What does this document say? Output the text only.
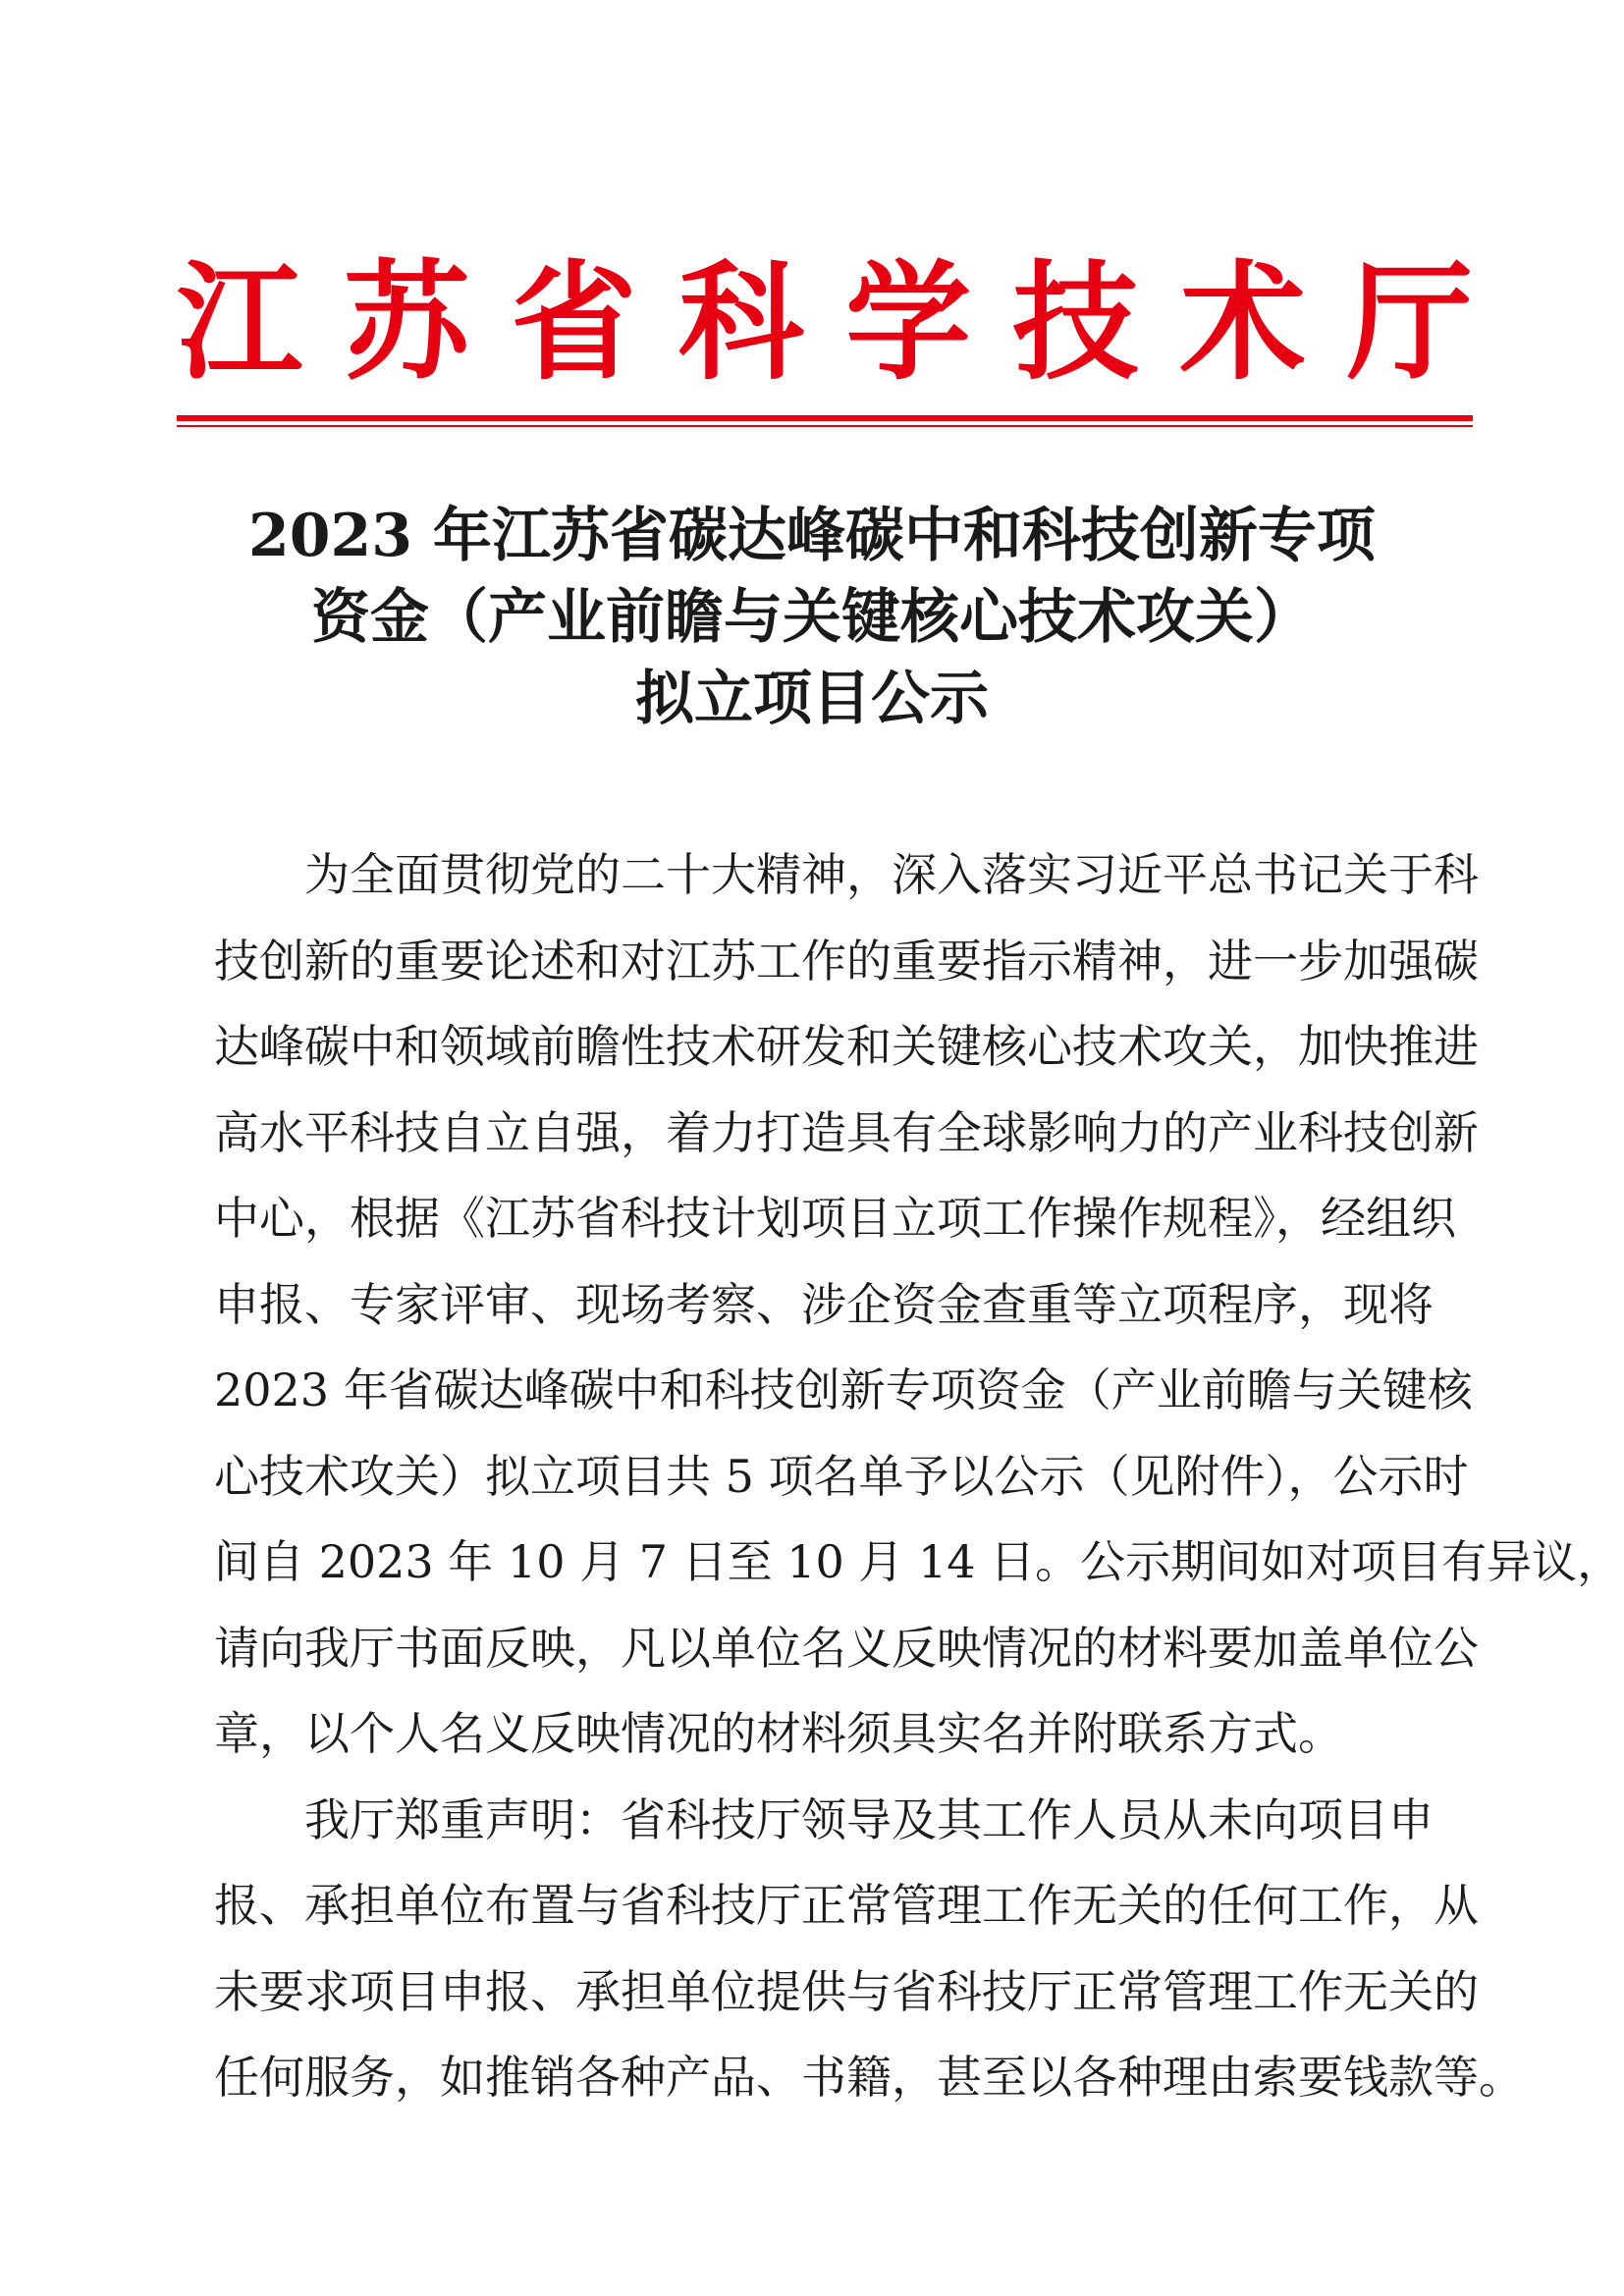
江 苏 省 科 学 技 术 厅
2023 年江苏省碳达峰碳中和科技创新专项
资金（产业前瞻与关键核心技术攻关）
拟立项目公示
为全面贯彻党的二十大精神，深入落实习近平总书记关于科
技创新的重要论述和对江苏工作的重要指示精神，进一步加强碳
达峰碳中和领域前瞻性技术研发和关键核心技术攻关，加快推进
高水平科技自立自强，着力打造具有全球影响力的产业科技创新
中心，根据《江苏省科技计划项目立项工作操作规程》，经组织
申报、专家评审、现场考察、涉企资金查重等立项程序，现将
2023 年省碳达峰碳中和科技创新专项资金（产业前瞻与关键核
心技术攻关）拟立项目共 5 项名单予以公示（见附件），公示时
间自 2023 年 10 月 7 日至 10 月 14 日。公示期间如对项目有异议，
请向我厅书面反映，凡以单位名义反映情况的材料要加盖单位公
章，以个人名义反映情况的材料须具实名并附联系方式。
我厅郑重声明：省科技厅领导及其工作人员从未向项目申
报、承担单位布置与省科技厅正常管理工作无关的任何工作，从
未要求项目申报、承担单位提供与省科技厅正常管理工作无关的
任何服务，如推销各种产品、书籍，甚至以各种理由索要钱款等。
